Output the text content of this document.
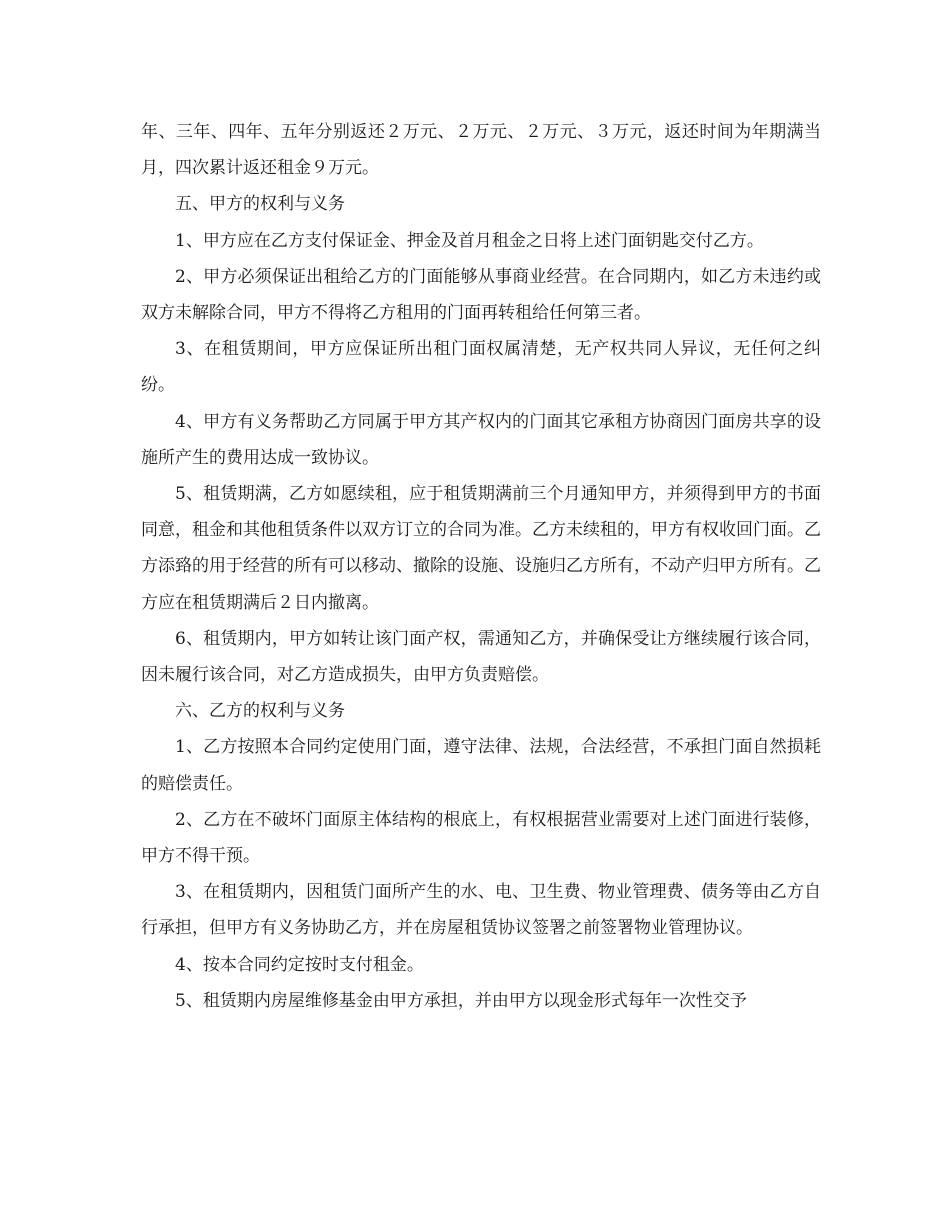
年、三年、四年、五年分别返还２万元、２万元、２万元、３万元，返还时间为年期满当月，四次累计返还租金９万元。

五、甲方的权利与义务

1、甲方应在乙方支付保证金、押金及首月租金之日将上述门面钥匙交付乙方。

2、甲方必须保证出租给乙方的门面能够从事商业经营。在合同期内，如乙方未违约或双方未解除合同，甲方不得将乙方租用的门面再转租给任何第三者。

3、在租赁期间，甲方应保证所出租门面权属清楚，无产权共同人异议，无任何之纠纷。

4、甲方有义务帮助乙方同属于甲方其产权内的门面其它承租方协商因门面房共享的设施所产生的费用达成一致协议。

5、租赁期满，乙方如愿续租，应于租赁期满前三个月通知甲方，并须得到甲方的书面同意，租金和其他租赁条件以双方订立的合同为准。乙方未续租的，甲方有权收回门面。乙方添臵的用于经营的所有可以移动、撤除的设施、设施归乙方所有，不动产归甲方所有。乙方应在租赁期满后２日内撤离。

6、租赁期内，甲方如转让该门面产权，需通知乙方，并确保受让方继续履行该合同，因未履行该合同，对乙方造成损失，由甲方负责赔偿。

六、乙方的权利与义务

1、乙方按照本合同约定使用门面，遵守法律、法规，合法经营，不承担门面自然损耗的赔偿责任。

2、乙方在不破坏门面原主体结构的根底上，有权根据营业需要对上述门面进行装修，甲方不得干预。

3、在租赁期内，因租赁门面所产生的水、电、卫生费、物业管理费、债务等由乙方自行承担，但甲方有义务协助乙方，并在房屋租赁协议签署之前签署物业管理协议。

4、按本合同约定按时支付租金。

5、租赁期内房屋维修基金由甲方承担，并由甲方以现金形式每年一次性交予
